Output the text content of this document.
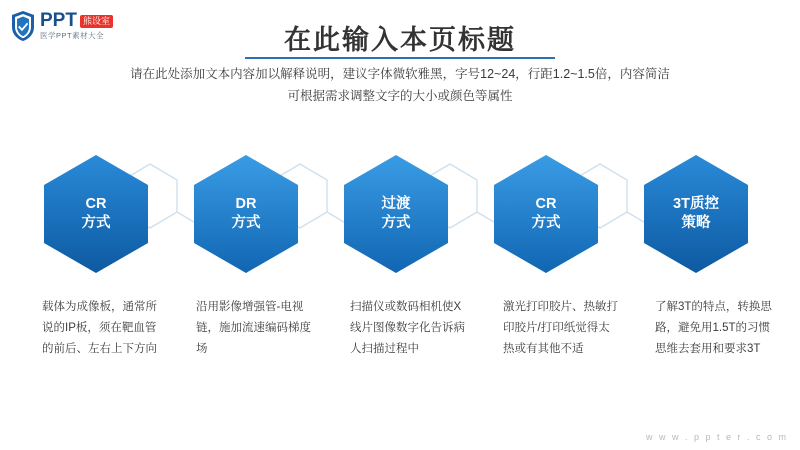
PPT 熊设室
医学PPT素材大全	在此输入本页标题
请在此处添加文本内容加以解释说明，建议字体微软雅黑，字号12~24，行距1.2~1.5倍，内容简洁
可根据需求调整文字的大小或颜色等属性
CR
方式
DR
方式
过渡
方式
CR
方式
3T质控
策略
载体为成像板，通常所说的IP板，须在靶血管的前后、左右上下方向
沿用影像增强管-电视链，施加流速编码梯度场
扫描仪或数码相机使X线片图像数字化告诉病人扫描过程中
激光打印胶片、热敏打印胶片/打印纸觉得太热或有其他不适
了解3T的特点，转换思路，避免用1.5T的习惯思维去套用和要求3T
w w w . p p t e r . c o m
